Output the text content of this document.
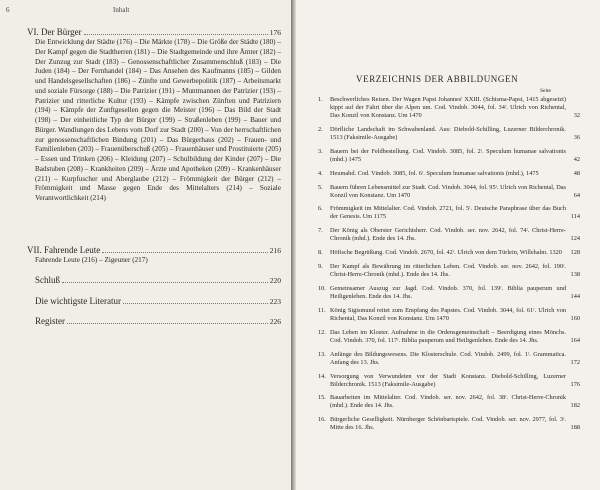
6	Inhalt
VI. Der Bürger	176
Die Entwicklung der Städte (176) – Die Märkte (178) – Die Größe der Städte (180) – Der Kampf gegen die Stadtherren (181) – Die Stadtgemeinde und ihre Ämter (182) – Der Zunzug zur Stadt (183) – Genossenschaftlicher Zusammenschluß (183) – Die Juden (184) – Der Fernhandel (184) – Das Ansehen des Kaufmanns (185) – Gilden und Handelsgesellschaften (186) – Zünfte und Gewerbepolitik (187) – Arbeitsmarkt und soziale Fürsorge (188) – Die Patrizier (191) – Muntmannen der Patrizier (193) – Patrizier und ritterliche Kultur (193) – Kämpfe zwischen Zünften und Patriziern (194) – Kämpfe der Zunftgesellen gegen die Meister (196) – Das Bild der Stadt (198) – Der einheitliche Typ der Bürger (199) – Straßenleben (199) – Bauer und Bürger. Wandlungen des Lebens vom Dorf zur Stadt (200) – Von der herrschaftlichen zur genossenschaftlichen Bindung (201) – Das Bürgerhaus (202) – Frauen- und Familienleben (203) – Frauenüberschuß (205) – Frauenhäuser und Prostituierte (205) – Essen und Trinken (206) – Kleidung (207) – Schulbildung der Kinder (207) – Die Badstuben (208) – Krankheiten (209) – Ärzte und Apotheken (209) – Krankenhäuser (211) – Kurpfuscher und Aberglaube (212) – Frömmigkeit der Bürger (212) – Frömmigkeit und Masse gegen Ende des Mittelalters (214) – Soziale Verantwortlichkeit (214)
VII. Fahrende Leute	216
Fahrende Leute (216) – Zigeuner (217)
Schluß	220
Die wichtigste Literatur	223
Register	226
VERZEICHNIS DER ABBILDUNGEN
Seite
1.	Beschwerliches Reisen. Der Wagen Papst Johannes' XXIII. (Schisma-Papst, 1415 abgesetzt) kippt auf der Fahrt über die Alpen um. Cod. Vindob. 3044, fol. 34ʳ. Ulrich von Richental, Das Konzil von Konstanz. Um 1470	32
2.	Dörfliche Landschaft im Schwabenland. Aus: Diebold-Schilling, Luzerner Bilderchronik. 1513 (Faksimile-Ausgabe)	36
3.	Bauern bei der Feldbestellung. Cod. Vindob. 3085, fol. 2ʳ. Speculum humanae salvationis (mhd.) 1475	42
4.	Heumahd. Cod. Vindob. 3085, fol. 6ʳ. Speculum humanae salvationis (mhd.), 1475	48
5.	Bauern führen Lebensmittel zur Stadt. Cod. Vindob. 3044, fol. 95ʳ. Ulrich von Richental, Das Konzil von Konstanz. Um 1470	64
6.	Frömmigkeit im Mittelalter. Cod. Vindob. 2721, fol. 5ʳ. Deutsche Paraphrase über das Buch der Genesis. Um 1175	114
7.	Der König als Oberster Gerichtsherr. Cod. Vindob. ser. nov. 2642, fol. 74ʳ. Christ-Herre-Chronik (mhd.). Ende des 14. Jhs.	124
8.	Höfische Begrüßung. Cod. Vindob. 2670, fol. 42ʳ. Ulrich von dem Türlein, Willehalm. 1320	128
9.	Der Kampf als Bewährung im ritterlichen Leben. Cod. Vindob. ser. nov. 2642, fol. 190ʳ. Christ-Herre-Chronik (mhd.). Ende des 14. Jhs.	138
10. Gemeinsamer Auszug zur Jagd. Cod. Vindob. 370, fol. 139ʳ. Biblia pauperum und Heiligenleben. Ende des 14. Jhs.	144
11. König Sigismund reitet zum Empfang des Papstes. Cod. Vindob. 3044, fol. 61ʳ. Ulrich von Richental, Das Konzil von Konstanz. Um 1470	160
12. Das Leben im Kloster. Aufnahme in die Ordensgemeinschaft – Beerdigung eines Mönchs. Cod. Vindob. 370, fol. 117ʳ. Biblia pauperum und Heiligenleben. Ende des 14. Jhs.	164
13. Anfänge des Bildungswesens. Die Klosterschule. Cod. Vindob. 2499, fol. 1ʳ. Grammatica. Anfang des 13. Jhs.	172
14. Versorgung von Verwundeten vor der Stadt Konstanz. Diebold-Schilling, Luzerner Bilderchronik. 1513 (Faksimile-Ausgabe)	176
15. Bauarbeiten im Mittelalter. Cod. Vindob. ser. nov. 2642, fol. 38ʳ. Christ-Herre-Chronik (mhd.). Ende des 14. Jhs.	182
16. Bürgerliche Geselligkeit. Nürnberger Schönbartspiele. Cod. Vindob. ser. nov. 2977, fol. 3ʳ. Mitte des 16. Jhs.	188
